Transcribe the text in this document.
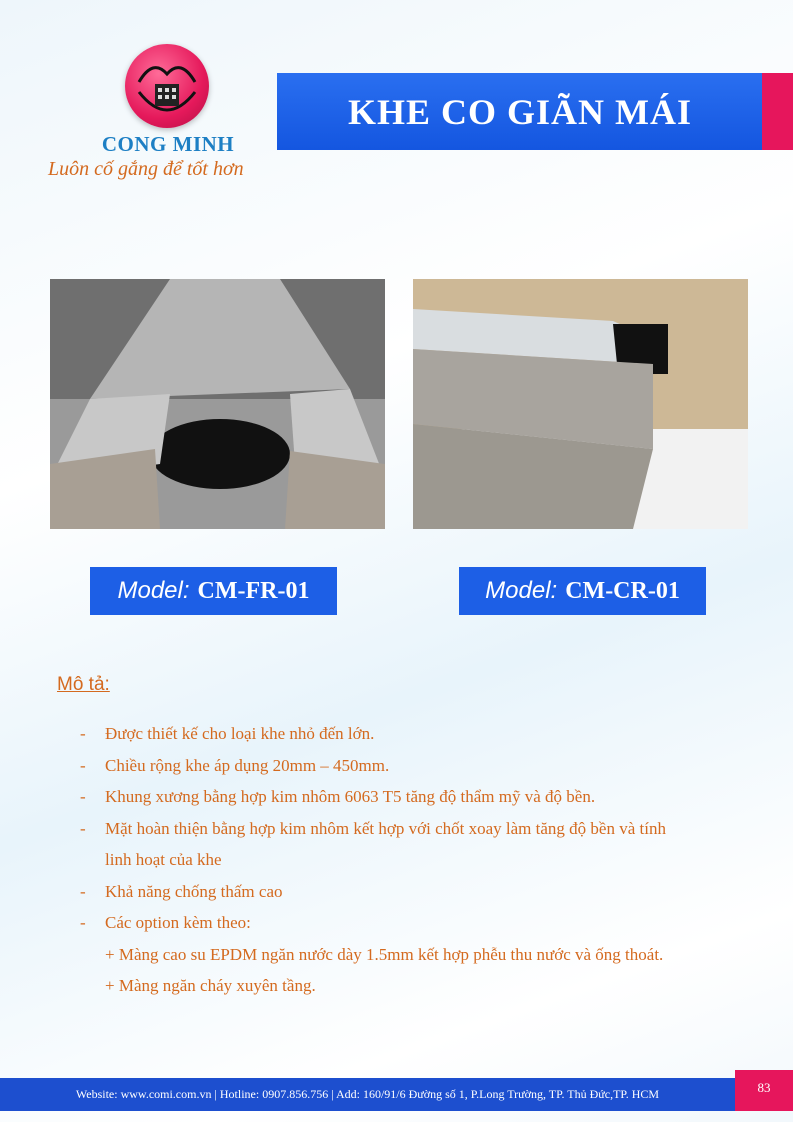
CONG MINH
Luôn cố gắng để tốt hơn
KHE CO GIÃN MÁI
Model: CM-FR-01	Model: CM-CR-01
Mô tả:
-	Được thiết kế cho loại khe nhỏ đến lớn.
-	Chiều rộng khe áp dụng 20mm – 450mm.
-	Khung xương bằng hợp kim nhôm 6063 T5 tăng độ thẩm mỹ và độ bền.
-	Mặt hoàn thiện bằng hợp kim nhôm kết hợp với chốt xoay làm tăng độ bền và tính
linh hoạt của khe
-	Khả năng chống thấm cao
-	Các option kèm theo:
+ Màng cao su EPDM ngăn nước dày 1.5mm kết hợp phễu thu nước và ống thoát.
+ Màng ngăn cháy xuyên tầng.
Website: www.comi.com.vn | Hotline: 0907.856.756 | Add: 160/91/6 Đường số 1, P.Long Trường, TP. Thủ Đức,TP. HCM	83
